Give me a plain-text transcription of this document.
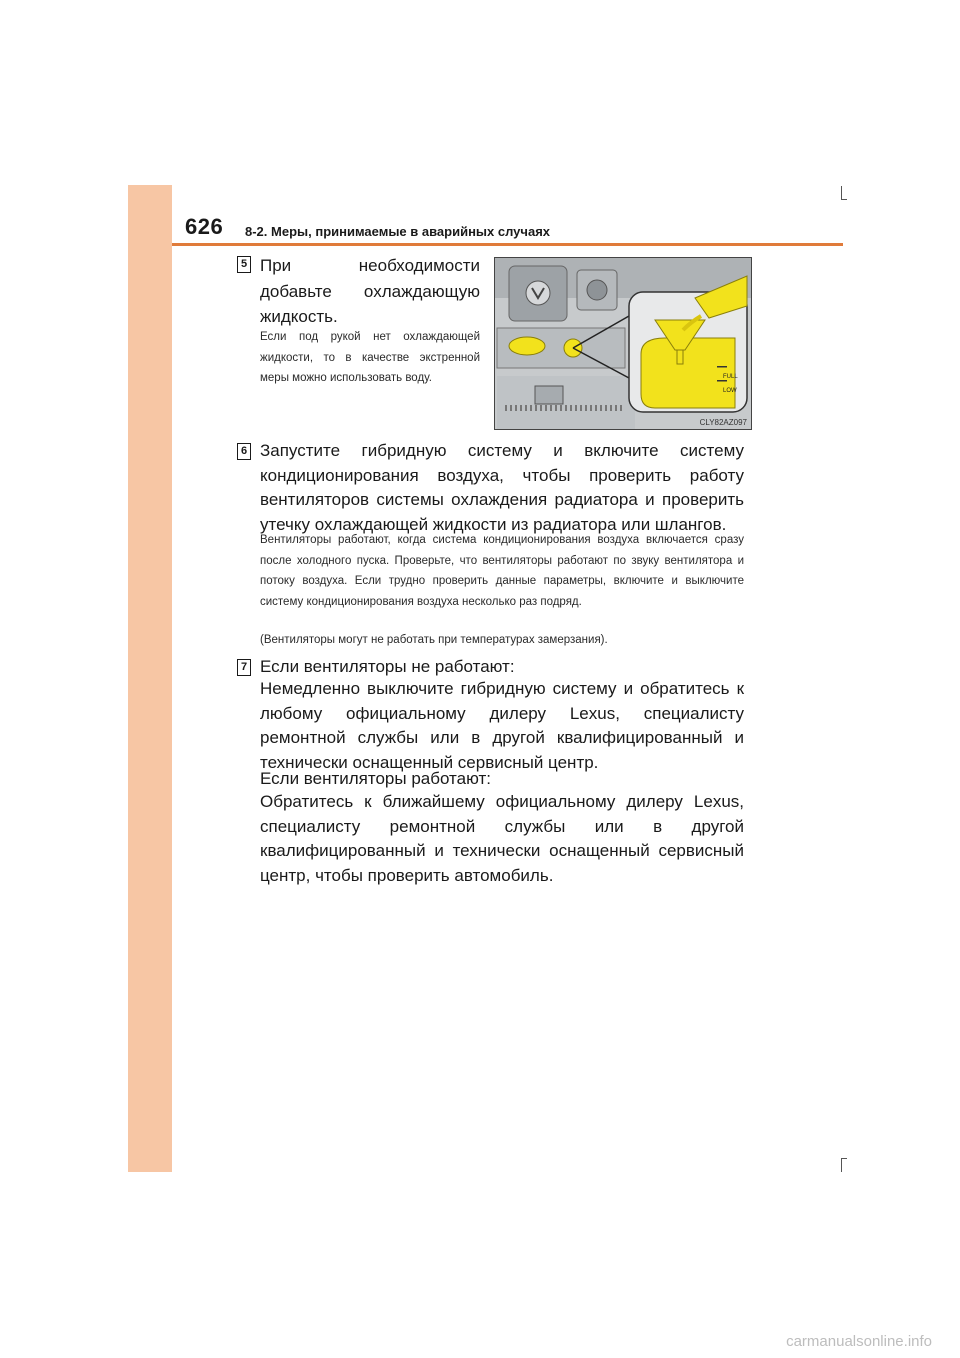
626 8-2. Меры, принимаемые в аварийных случаях
5 При необходимости добавьте охлаждающую жидкость.
Если под рукой нет охлаждающей жидкости, то в качестве экстренной меры можно использовать воду.	FULL
LOW
CLY82AZ097
6 Запустите гибридную систему и включите систему кондиционирования воздуха, чтобы проверить работу вентиляторов системы охлаждения радиатора и проверить утечку охлаждающей жидкости из радиатора или шлангов.
Вентиляторы работают, когда система кондиционирования воздуха включается сразу после холодного пуска. Проверьте, что вентиляторы работают по звуку вентилятора и потоку воздуха. Если трудно проверить данные параметры, включите и выключите систему кондиционирования воздуха несколько раз подряд.
(Вентиляторы могут не работать при температурах замерзания).
7 Если вентиляторы не работают:
Немедленно выключите гибридную систему и обратитесь к любому официальному дилеру Lexus, специалисту ремонтной службы или в другой квалифицированный и технически оснащенный сервисный центр.
Если вентиляторы работают:
Обратитесь к ближайшему официальному дилеру Lexus, специалисту ремонтной службы или в другой квалифицированный и технически оснащенный сервисный центр, чтобы проверить автомобиль.
carmanualsonline.info
